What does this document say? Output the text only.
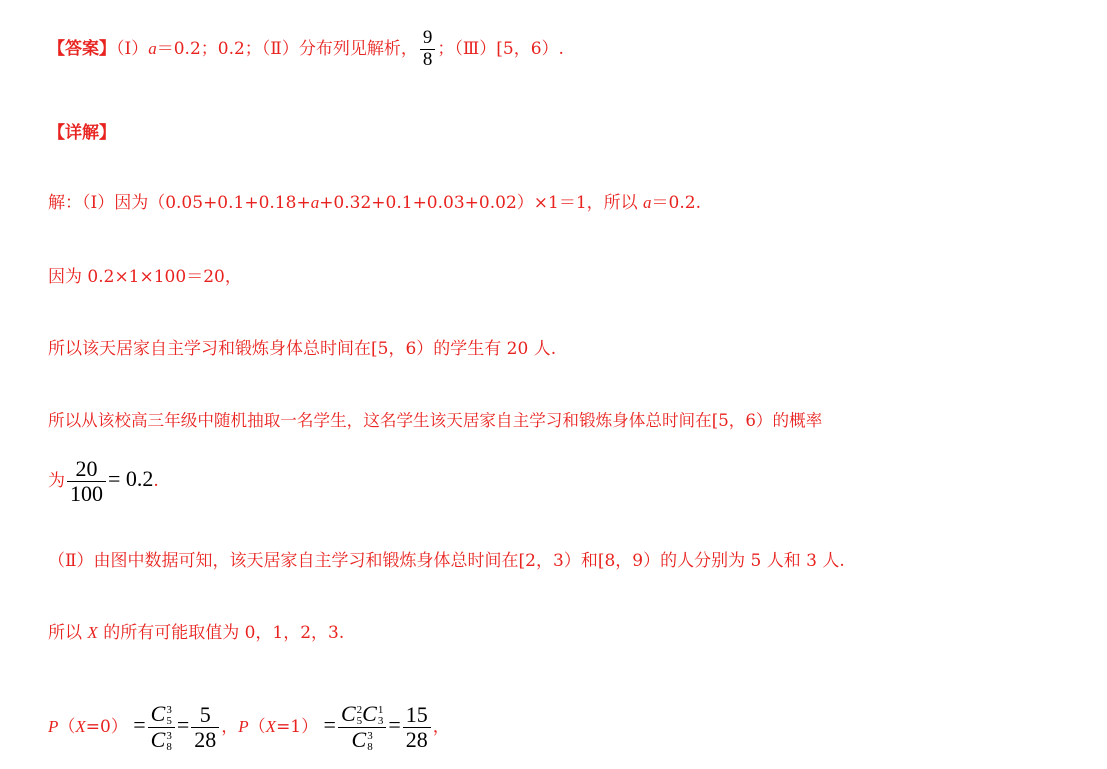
【答案】（Ⅰ）a＝0.2；0.2；（Ⅱ）分布列见解析， $\frac{9}{8}$ ；（Ⅲ）[5，6）.
【详解】
解：（Ⅰ）因为（0.05+0.1+0.18+a+0.32+0.1+0.03+0.02）×1＝1，所以 a＝0.2.
因为 0.2×1×100＝20，
所以该天居家自主学习和锻炼身体总时间在[5，6）的学生有 20 人.
所以从该校高三年级中随机抽取一名学生，这名学生该天居家自主学习和锻炼身体总时间在[5，6）的概率
为 $\frac{20}{100} = 0.2$.
（Ⅱ）由图中数据可知，该天居家自主学习和锻炼身体总时间在[2，3）和[8，9）的人分别为 5 人和 3 人.
所以 X 的所有可能取值为 0，1，2，3.
P（X=0） = C 3
5
C 3
$8 = \frac{5}{28}$ ，P（X=1） = C 2
5 C 1
3
C 3
$8 = \frac{15}{28}$ ，
